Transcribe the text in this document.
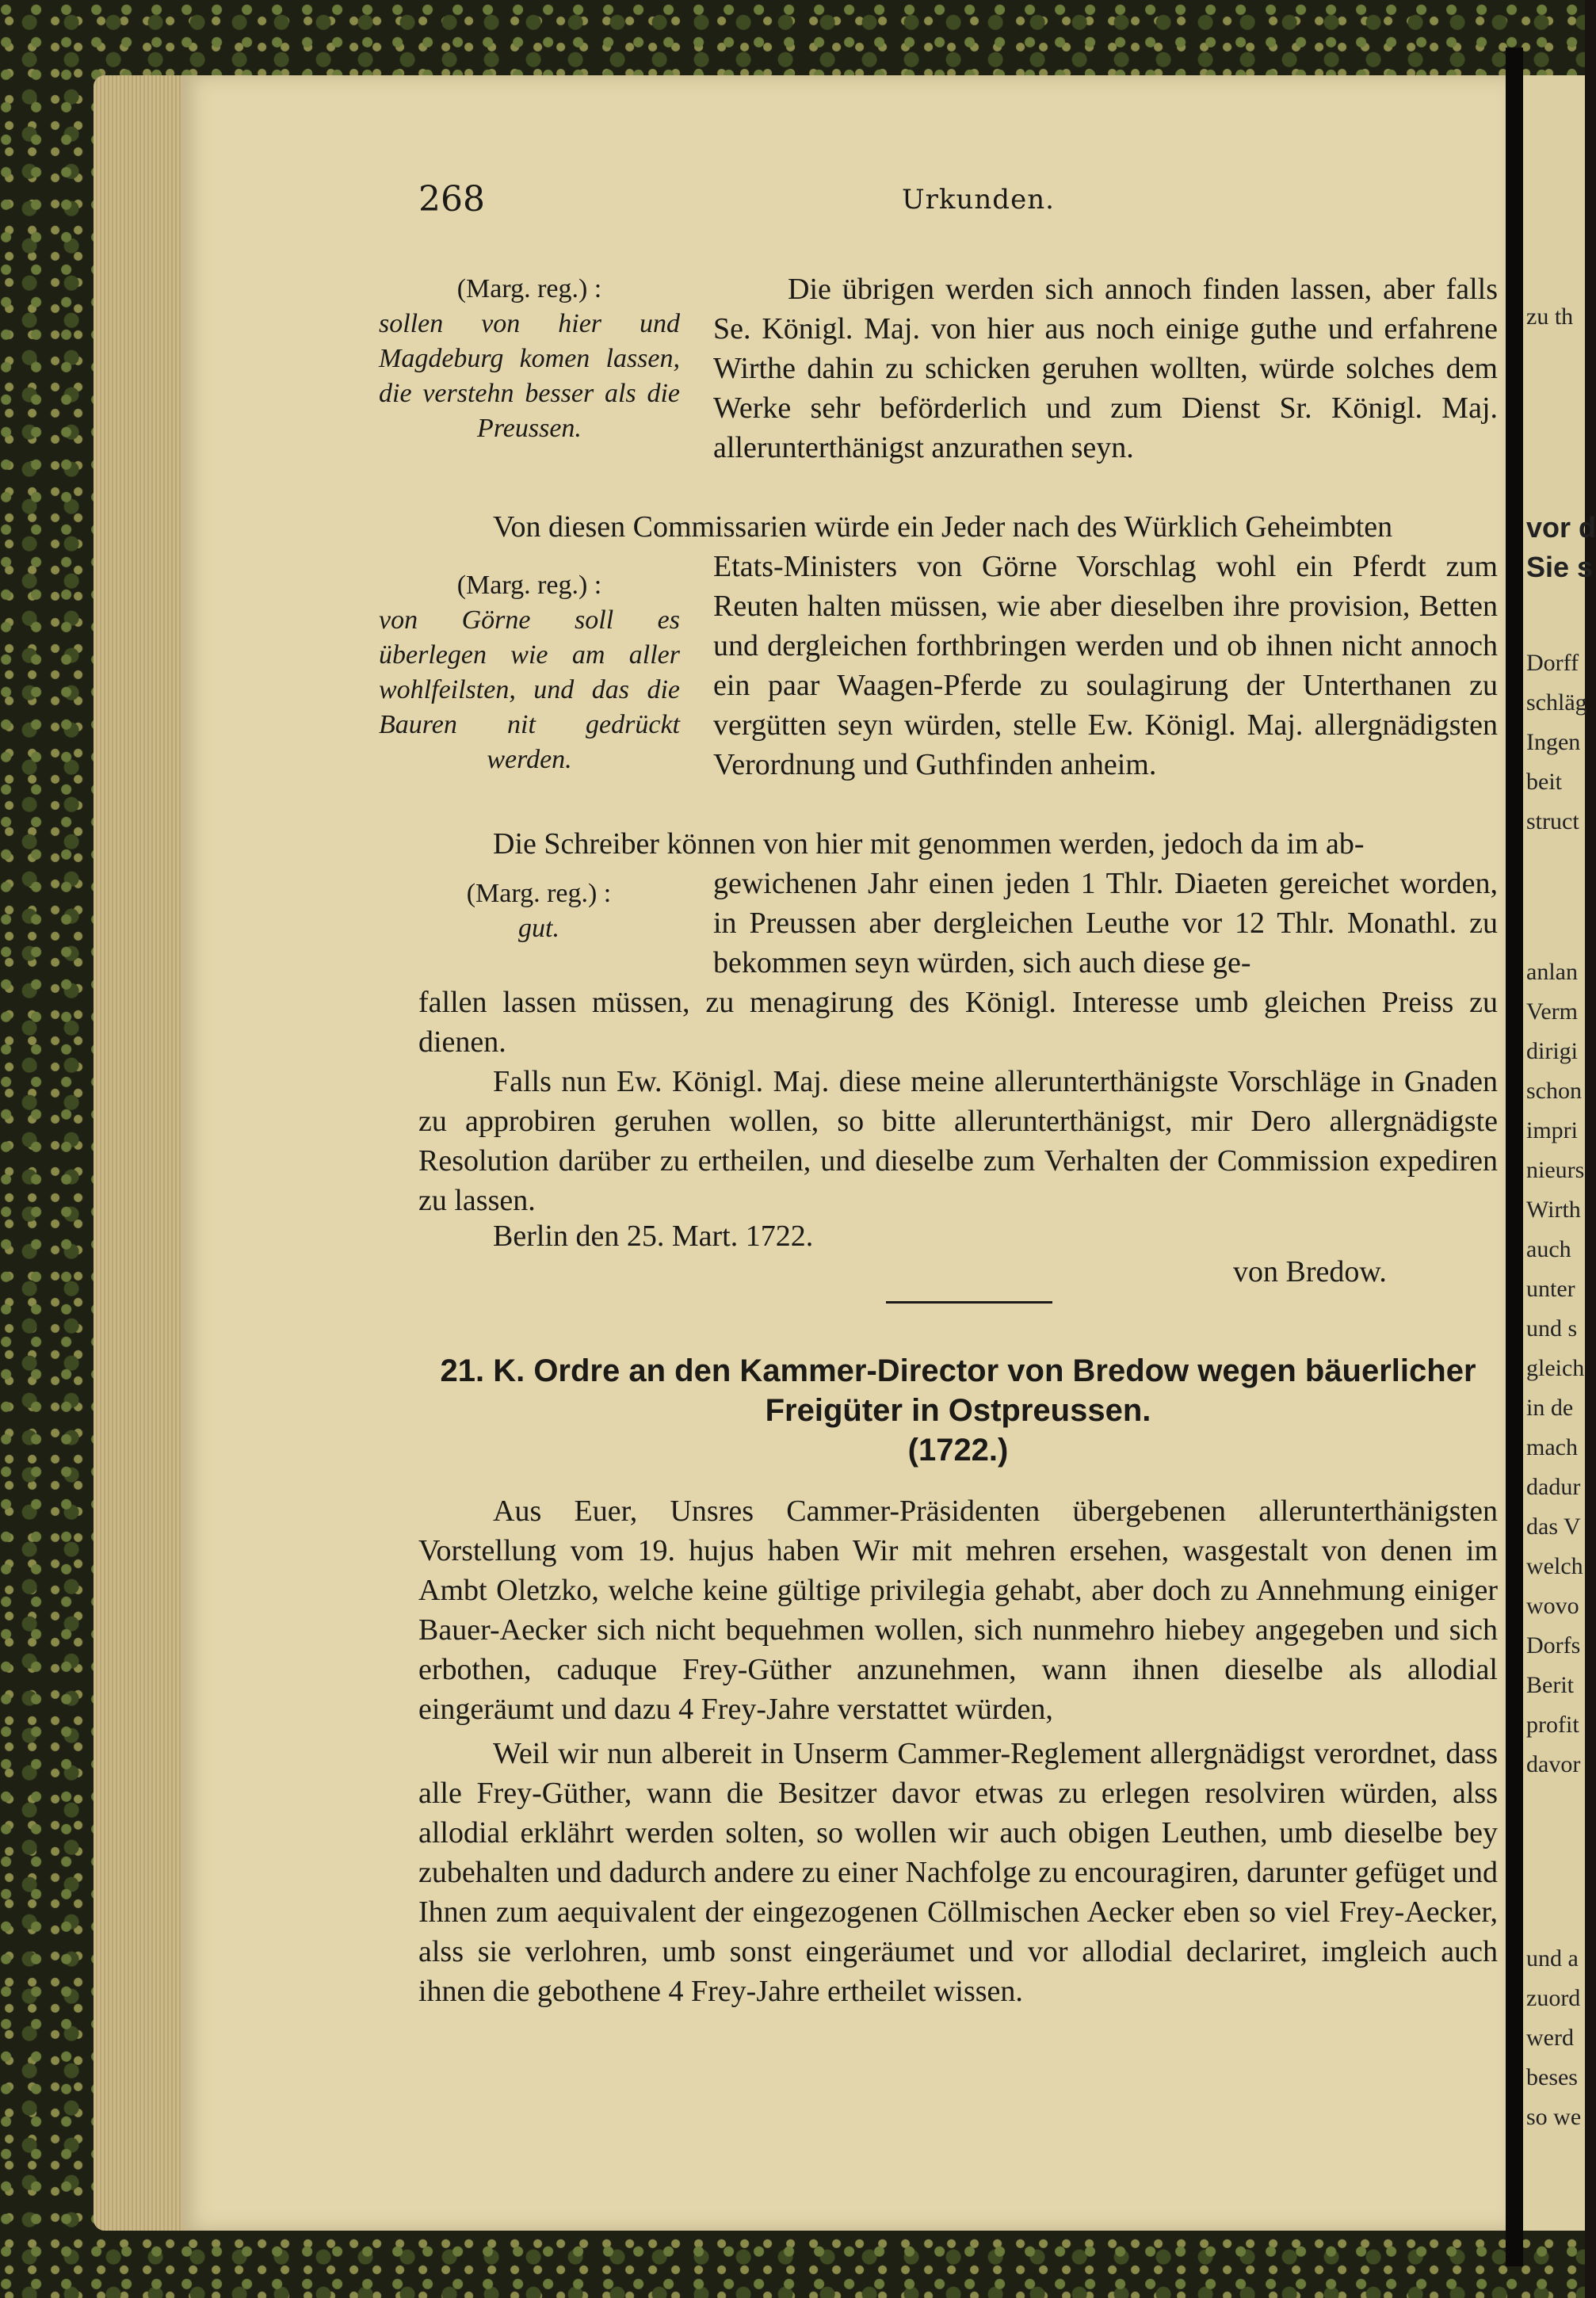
zu th
vor d
Sie s
Dorff
schläg
Ingen
beit
struct
anlan
Verm
dirigi
schon
impri
nieurs
Wirth
auch
unter
und s
gleich
in de
mach
dadur
das V
welch
wovo
Dorfs
Berit
profit
davor
und a
zuord
werd
beses
so we
268	Urkunden.
(Marg. reg.) :
sollen von hier und Magdeburg komen lassen, die verstehn besser als die Preussen.
(Marg. reg.) :
von Görne soll es überlegen wie am aller wohlfeilsten, und das die Bauren nit gedrückt werden.
(Marg. reg.) :
gut.

Die übrigen werden sich annoch finden lassen, aber falls Se. Königl. Maj. von hier aus noch einige guthe und erfahrene Wirthe dahin zu schicken geruhen wollten, würde solches dem Werke sehr beförderlich und zum Dienst Sr. Königl. Maj. allerunterthänigst anzurathen seyn.

Von diesen Commissarien würde ein Jeder nach des Würklich Geheimbten

Etats-Ministers von Görne Vorschlag wohl ein Pferdt zum Reuten halten müssen, wie aber dieselben ihre provision, Betten und dergleichen forthbringen werden und ob ihnen nicht annoch ein paar Waagen-Pferde zu soulagirung der Unterthanen zu vergütten seyn würden, stelle Ew. Königl. Maj. allergnädigsten Verordnung und Guthfinden anheim.

Die Schreiber können von hier mit genommen werden, jedoch da im ab-

gewichenen Jahr einen jeden 1 Thlr. Diaeten gereichet worden, in Preussen aber dergleichen Leuthe vor 12 Thlr. Monathl. zu bekommen seyn würden, sich auch diese ge-

fallen lassen müssen, zu menagirung des Königl. Interesse umb gleichen Preiss zu dienen.

Falls nun Ew. Königl. Maj. diese meine allerunterthänigste Vorschläge in Gnaden zu approbiren geruhen wollen, so bitte allerunterthänigst, mir Dero allergnädigste Resolution darüber zu ertheilen, und dieselbe zum Verhalten der Commission expediren zu lassen.

Berlin den 25. Mart. 1722.

von Bredow.
21. K. Ordre an den Kammer-Director von Bredow wegen bäuerlicher Freigüter in Ostpreussen.
(1722.)

Aus Euer, Unsres Cammer-Präsidenten übergebenen allerunterthänigsten Vorstellung vom 19. hujus haben Wir mit mehren ersehen, wasgestalt von denen im Ambt Oletzko, welche keine gültige privilegia gehabt, aber doch zu Annehmung einiger Bauer-Aecker sich nicht bequehmen wollen, sich nunmehro hiebey angegeben und sich erbothen, caduque Frey-Güther anzunehmen, wann ihnen dieselbe als allodial eingeräumt und dazu 4 Frey-Jahre verstattet würden,

Weil wir nun albereit in Unserm Cammer-Reglement allergnädigst verordnet, dass alle Frey-Güther, wann die Besitzer davor etwas zu erlegen resolviren würden, alss allodial erklährt werden solten, so wollen wir auch obigen Leuthen, umb dieselbe bey zubehalten und dadurch andere zu einer Nachfolge zu encouragiren, darunter gefüget und Ihnen zum aequivalent der eingezogenen Cöllmischen Aecker eben so viel Frey-Aecker, alss sie verlohren, umb sonst eingeräumet und vor allodial declariret, imgleich auch ihnen die gebothene 4 Frey-Jahre ertheilet wissen.
